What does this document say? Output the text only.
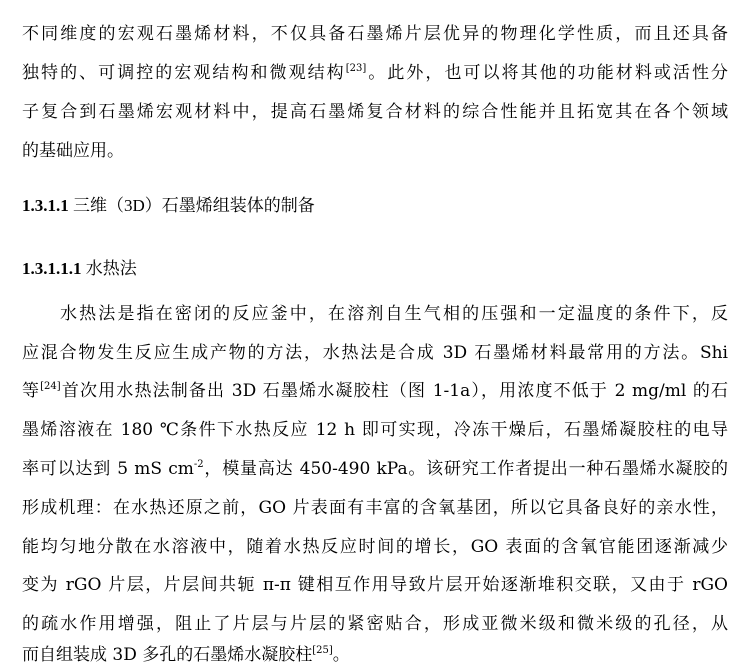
不同维度的宏观石墨烯材料，不仅具备石墨烯片层优异的物理化学性质，而且还具备
独特的、可调控的宏观结构和微观结构[23]。此外，也可以将其他的功能材料或活性分
子复合到石墨烯宏观材料中，提高石墨烯复合材料的综合性能并且拓宽其在各个领域
的基础应用。
1.3.1.1 三维（3D）石墨烯组装体的制备
1.3.1.1.1 水热法
水热法是指在密闭的反应釜中，在溶剂自生气相的压强和一定温度的条件下，反
应混合物发生反应生成产物的方法，水热法是合成 3D 石墨烯材料最常用的方法。Shi
等[24]首次用水热法制备出 3D 石墨烯水凝胶柱（图 1-1a），用浓度不低于 2 mg/ml 的石
墨烯溶液在 180 ℃条件下水热反应 12 h 即可实现，冷冻干燥后，石墨烯凝胶柱的电导
率可以达到 5 mS $cm^{-2}$，模量高达 450-490 kPa。该研究工作者提出一种石墨烯水凝胶的
形成机理：在水热还原之前，GO 片表面有丰富的含氧基团，所以它具备良好的亲水性，
能均匀地分散在水溶液中，随着水热反应时间的增长，GO 表面的含氧官能团逐渐减少
变为 rGO 片层，片层间共轭 π-π 键相互作用导致片层开始逐渐堆积交联，又由于 rGO
的疏水作用增强，阻止了片层与片层的紧密贴合，形成亚微米级和微米级的孔径，从
而自组装成 3D 多孔的石墨烯水凝胶柱[25]。
